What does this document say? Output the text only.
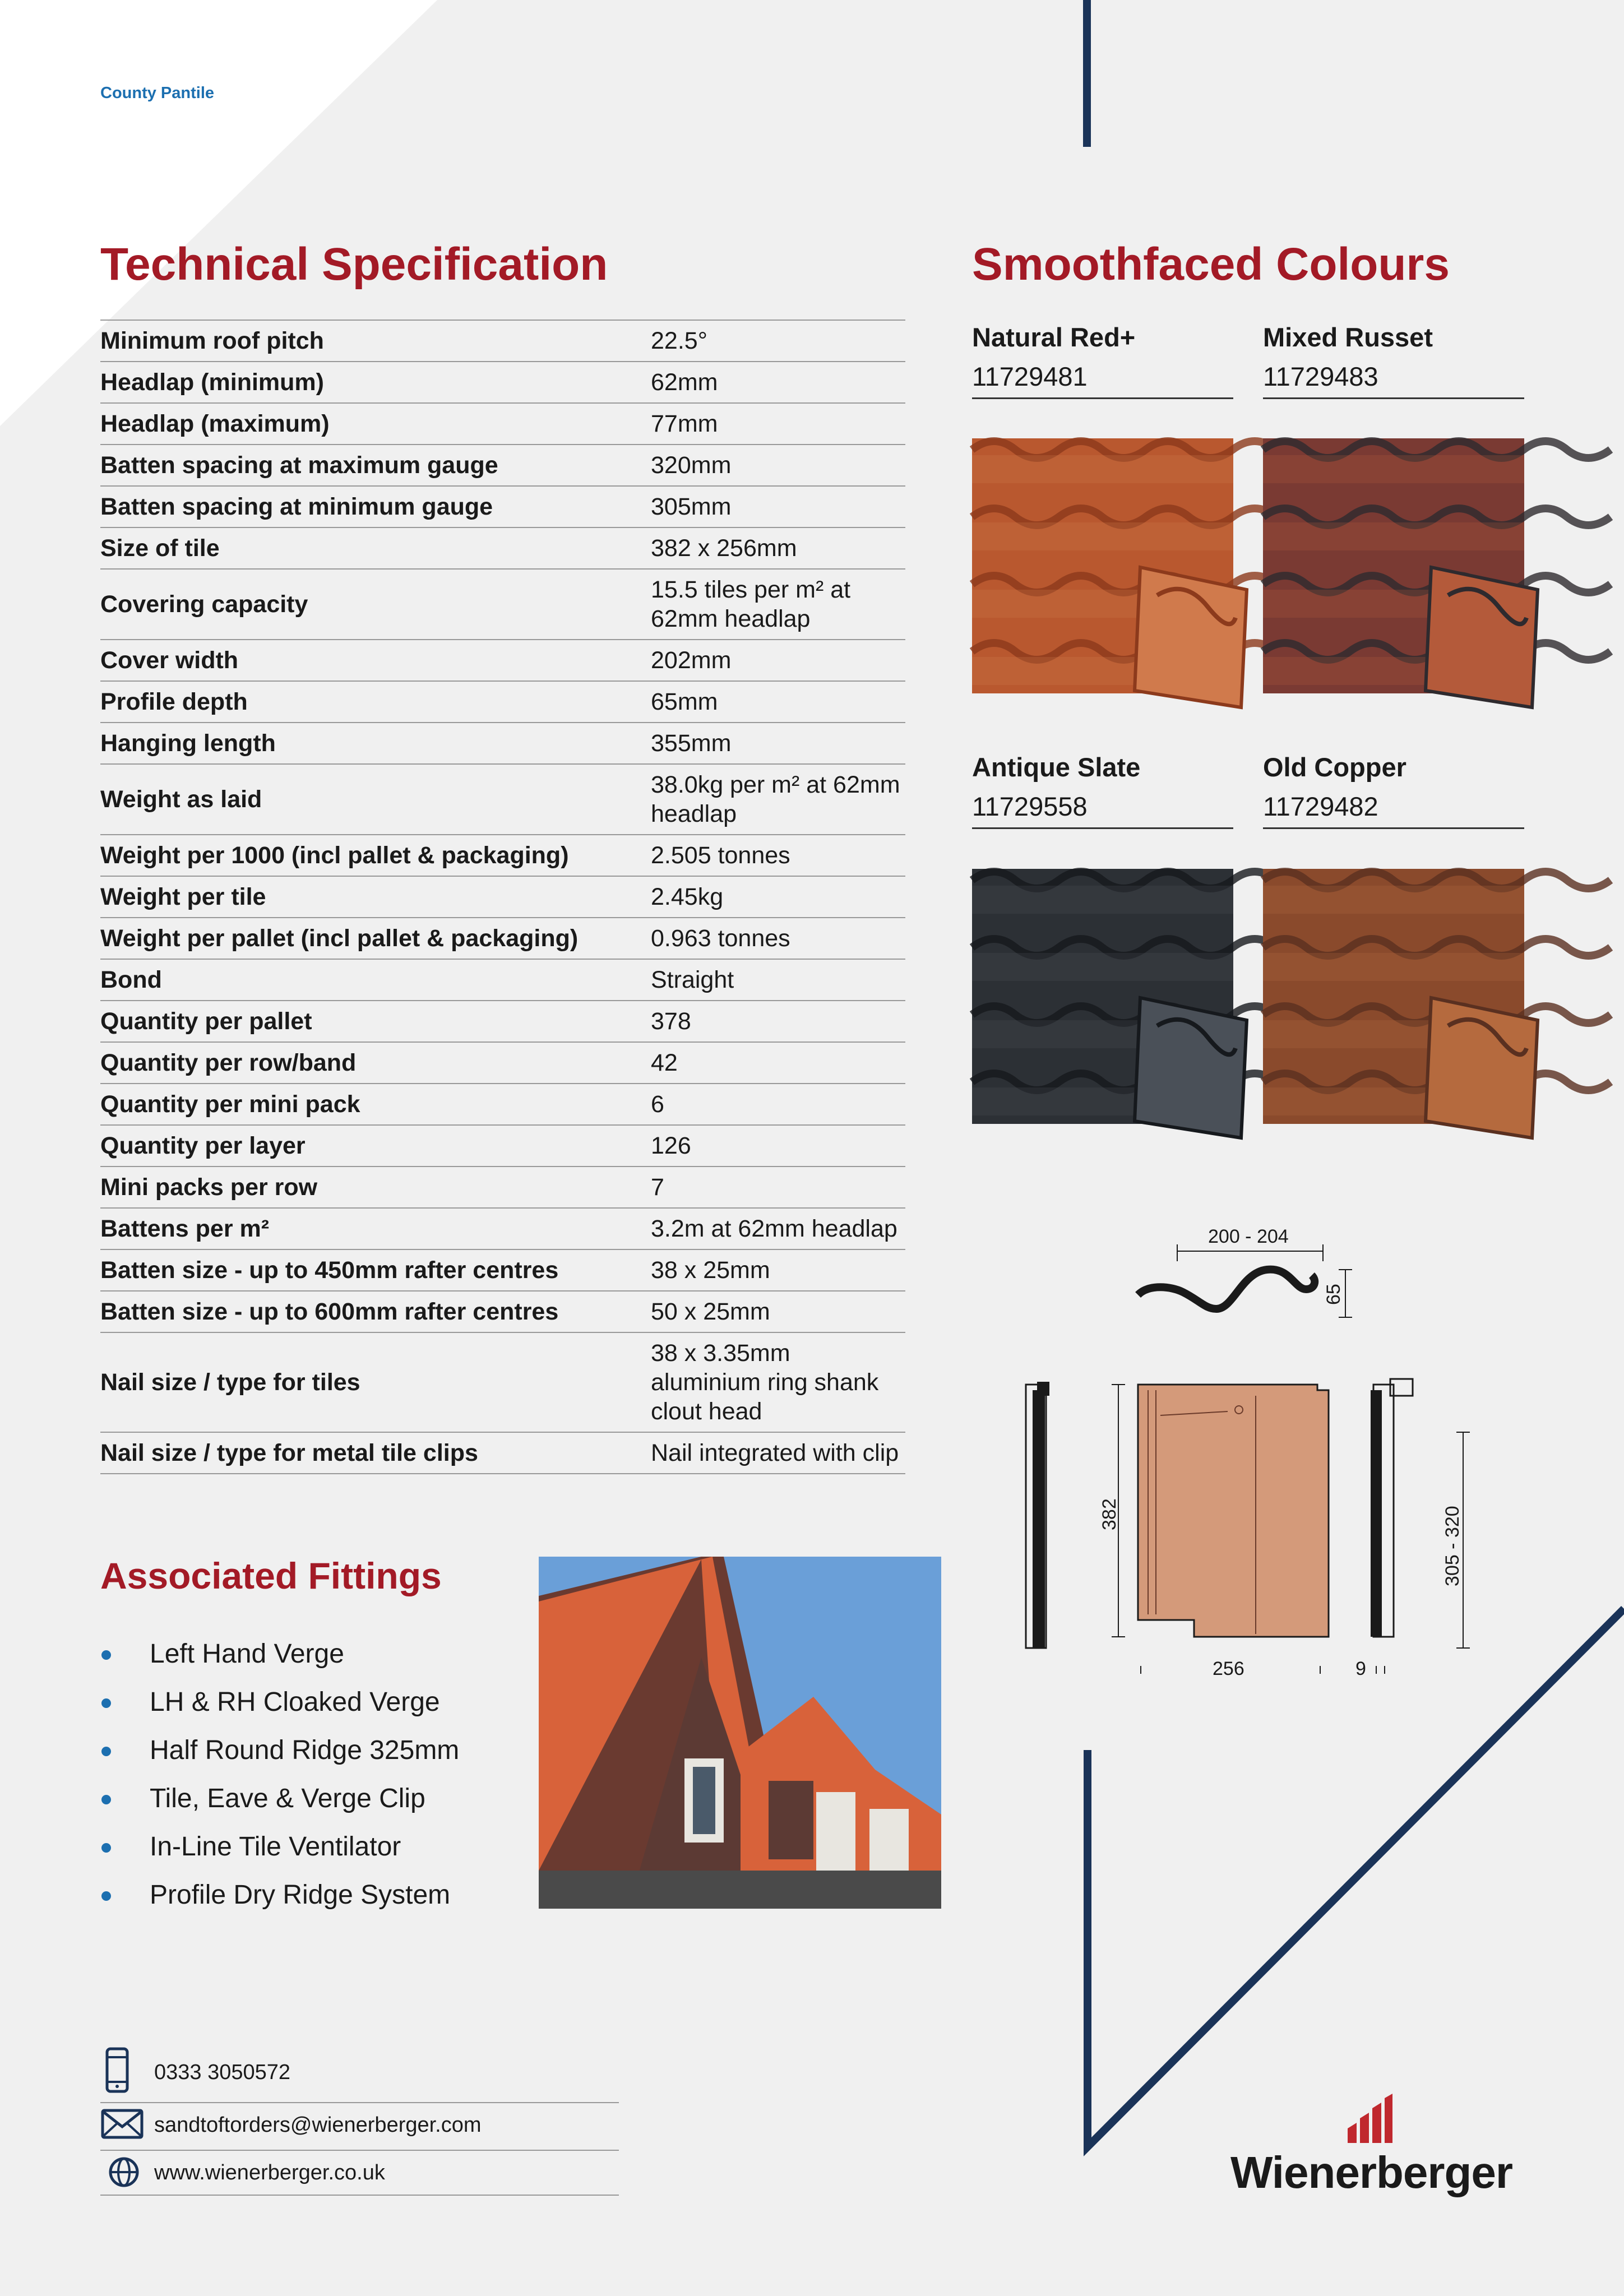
County Pantile
Technical Specification	Smoothfaced Colours
Minimum roof pitch	22.5°
Headlap (minimum)	62mm
Headlap (maximum)	77mm
Batten spacing at maximum gauge	320mm
Batten spacing at minimum gauge	305mm
Size of tile	382 x 256mm
Covering capacity	15.5 tiles per m² at 62mm headlap
Cover width	202mm
Profile depth	65mm
Hanging length	355mm
Weight as laid	38.0kg per m² at 62mm headlap
Weight per 1000 (incl pallet & packaging)	2.505 tonnes
Weight per tile	2.45kg
Weight per pallet (incl pallet & packaging)	0.963 tonnes
Bond	Straight
Quantity per pallet	378
Quantity per row/band	42
Quantity per mini pack	6
Quantity per layer	126
Mini packs per row	7
Battens per m²	3.2m at 62mm headlap
Batten size - up to 450mm rafter centres	38 x 25mm
Batten size - up to 600mm rafter centres	50 x 25mm
Nail size / type for tiles	38 x 3.35mm aluminium ring shank clout head
Nail size / type for metal tile clips	Nail integrated with clip
Natural Red+
11729481
Mixed Russet
11729483
Antique Slate
11729558
Old Copper
11729482
200 - 204
65
382
256	9
305 - 320
Associated Fittings
Left Hand Verge
LH & RH Cloaked Verge
Half Round Ridge 325mm
Tile, Eave & Verge Clip
In-Line Tile Ventilator
Profile Dry Ridge System
0333 3050572
sandtoftorders@wienerberger.com
www.wienerberger.co.uk	Wienerberger
